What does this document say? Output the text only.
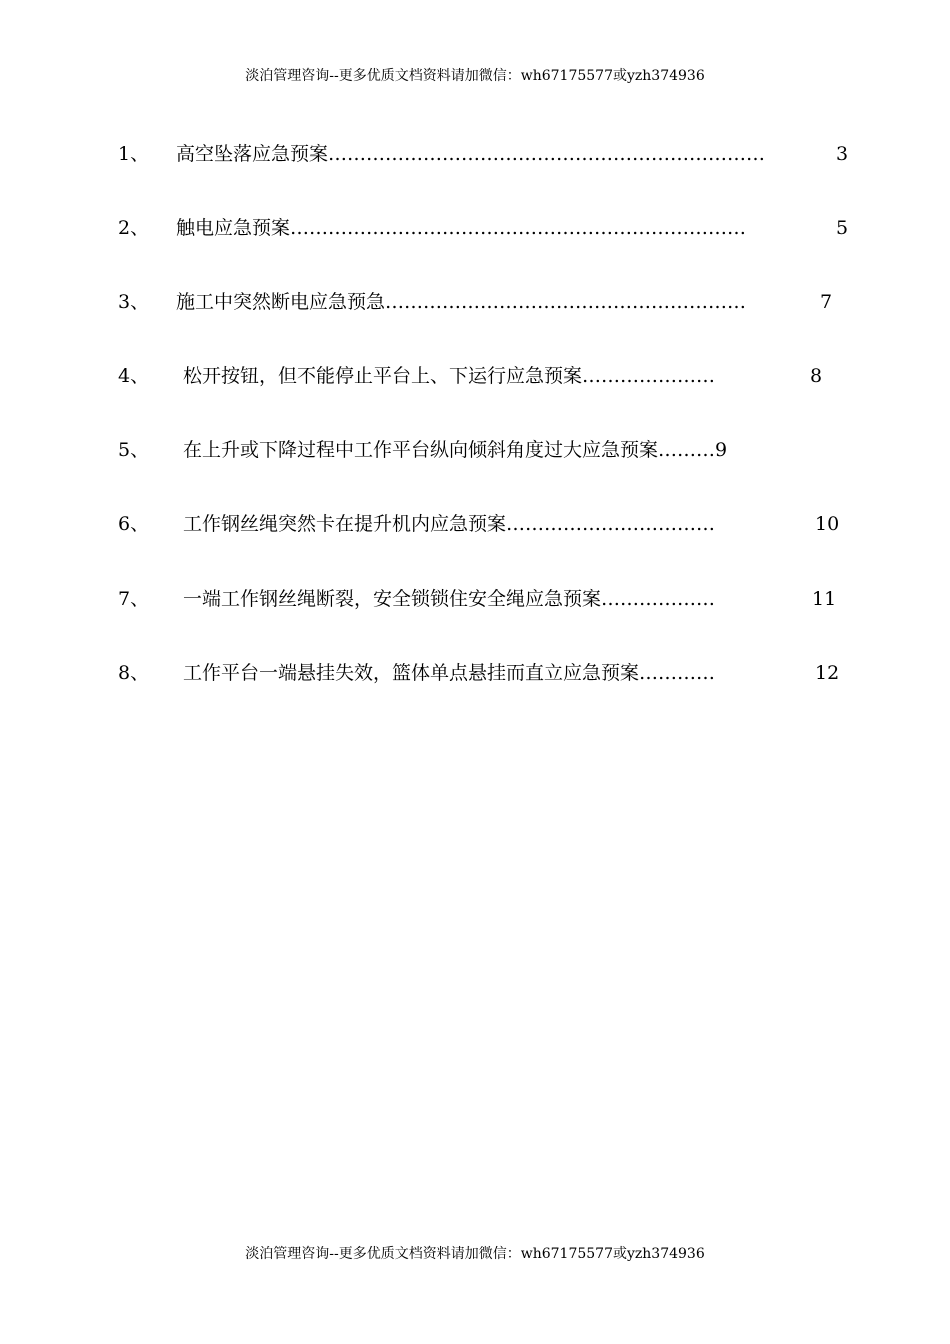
淡泊管理咨询--更多优质文档资料请加微信：wh67175577或yzh374936
1、 高空坠落应急预案……………………………………………………………	3
2、 触电应急预案………………………………………………………………	5
3、 施工中突然断电应急预急…………………………………………………	7
4、 松开按钮，但不能停止平台上、下运行应急预案…………………	8
5、 在上升或下降过程中工作平台纵向倾斜角度过大应急预案………9
6、 工作钢丝绳突然卡在提升机内应急预案……………………………	10
7、 一端工作钢丝绳断裂，安全锁锁住安全绳应急预案………………	11
8、 工作平台一端悬挂失效，篮体单点悬挂而直立应急预案…………	12
淡泊管理咨询--更多优质文档资料请加微信：wh67175577或yzh374936
